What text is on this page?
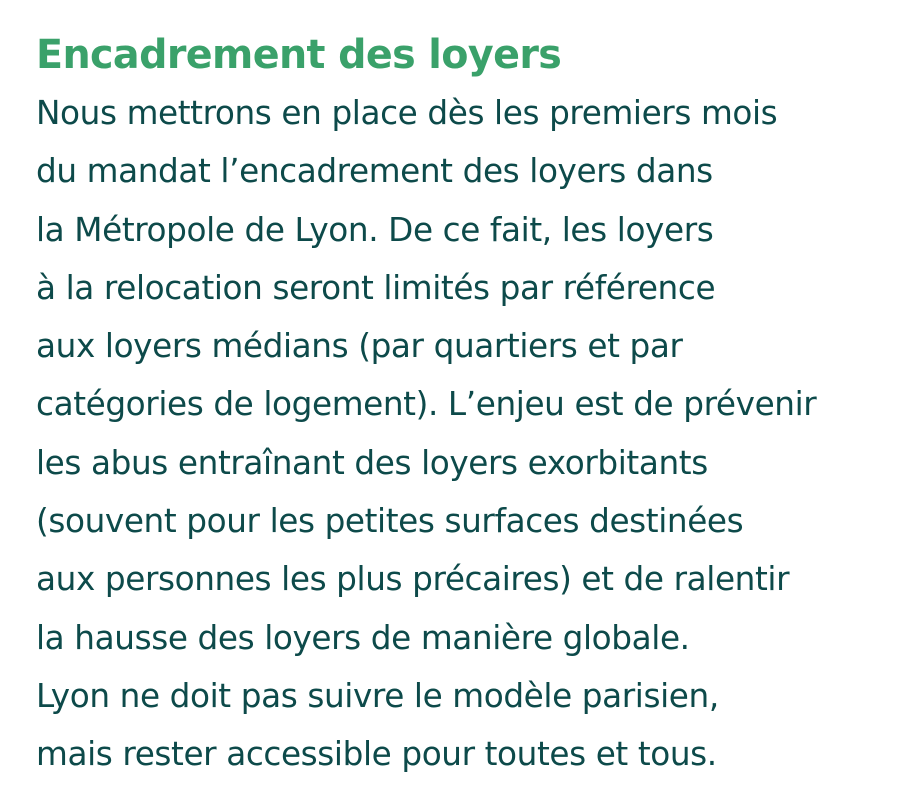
Encadrement des loyers
Nous mettrons en place dès les premiers mois
du mandat l’encadrement des loyers dans
la Métropole de Lyon. De ce fait, les loyers
à la relocation seront limités par référence
aux loyers médians (par quartiers et par
catégories de logement). L’enjeu est de prévenir
les abus entraînant des loyers exorbitants
(souvent pour les petites surfaces destinées
aux personnes les plus précaires) et de ralentir
la hausse des loyers de manière globale.
Lyon ne doit pas suivre le modèle parisien,
mais rester accessible pour toutes et tous.
